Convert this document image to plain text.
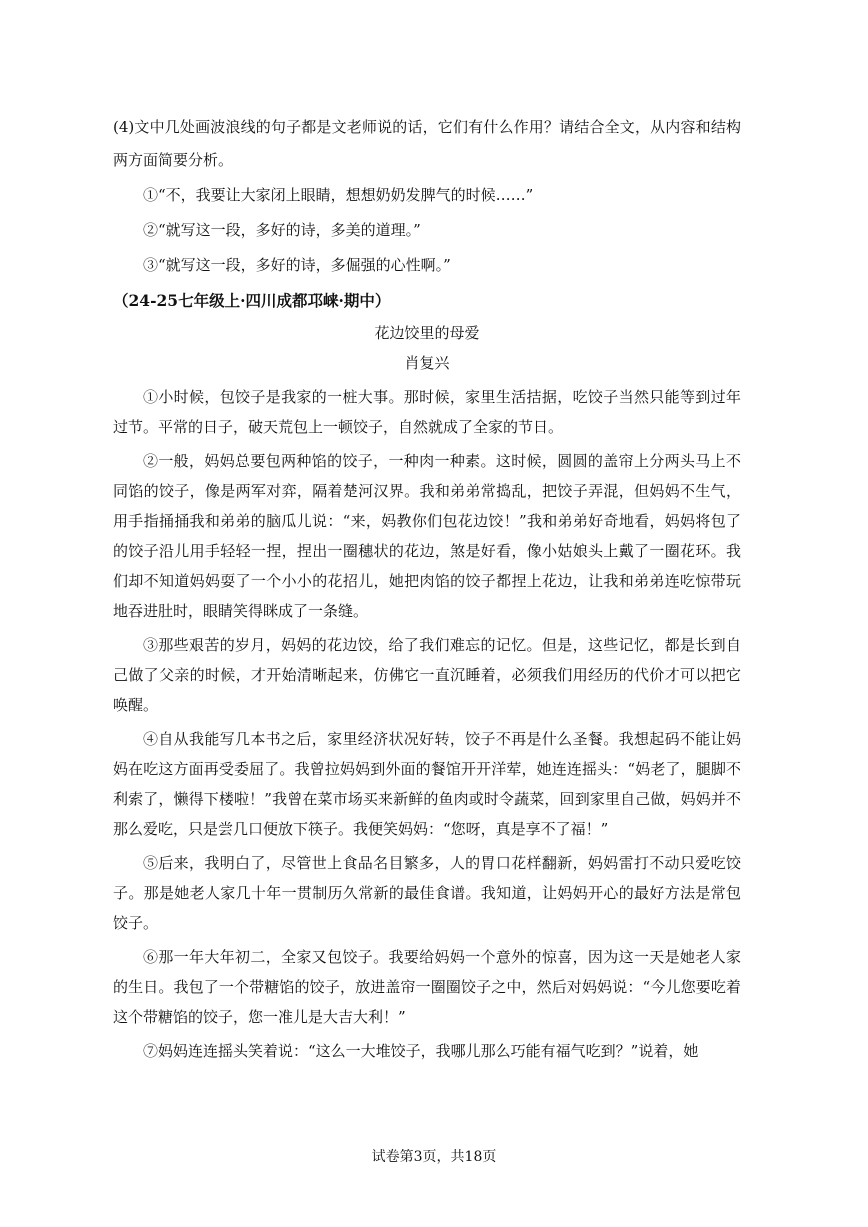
(4)文中几处画波浪线的句子都是文老师说的话，它们有什么作用？请结合全文，从内容和结构两方面简要分析。

①“不，我要让大家闭上眼睛，想想奶奶发脾气的时候……”

②“就写这一段，多好的诗，多美的道理。”

③“就写这一段，多好的诗，多倔强的心性啊。”

（24-25七年级上·四川成都邛崃·期中）

花边饺里的母爱

肖复兴

①小时候，包饺子是我家的一桩大事。那时候，家里生活拮据，吃饺子当然只能等到过年过节。平常的日子，破天荒包上一顿饺子，自然就成了全家的节日。

②一般，妈妈总要包两种馅的饺子，一种肉一种素。这时候，圆圆的盖帘上分两头马上不同馅的饺子，像是两军对弈，隔着楚河汉界。我和弟弟常捣乱，把饺子弄混，但妈妈不生气，用手指捅捅我和弟弟的脑瓜儿说：“来，妈教你们包花边饺！”我和弟弟好奇地看，妈妈将包了的饺子沿儿用手轻轻一捏，捏出一圈穗状的花边，煞是好看，像小姑娘头上戴了一圈花环。我们却不知道妈妈耍了一个小小的花招儿，她把肉馅的饺子都捏上花边，让我和弟弟连吃惊带玩地吞进肚时，眼睛笑得眯成了一条缝。

③那些艰苦的岁月，妈妈的花边饺，给了我们难忘的记忆。但是，这些记忆，都是长到自己做了父亲的时候，才开始清晰起来，仿佛它一直沉睡着，必须我们用经历的代价才可以把它唤醒。

④自从我能写几本书之后，家里经济状况好转，饺子不再是什么圣餐。我想起码不能让妈妈在吃这方面再受委屈了。我曾拉妈妈到外面的餐馆开开洋荤，她连连摇头：“妈老了，腿脚不利索了，懒得下楼啦！”我曾在菜市场买来新鲜的鱼肉或时令蔬菜，回到家里自己做，妈妈并不那么爱吃，只是尝几口便放下筷子。我便笑妈妈：“您呀，真是享不了福！”

⑤后来，我明白了，尽管世上食品名目繁多，人的胃口花样翻新，妈妈雷打不动只爱吃饺子。那是她老人家几十年一贯制历久常新的最佳食谱。我知道，让妈妈开心的最好方法是常包饺子。

⑥那一年大年初二，全家又包饺子。我要给妈妈一个意外的惊喜，因为这一天是她老人家的生日。我包了一个带糖馅的饺子，放进盖帘一圈圈饺子之中，然后对妈妈说：“今儿您要吃着这个带糖馅的饺子，您一准儿是大吉大利！”

⑦妈妈连连摇头笑着说：“这么一大堆饺子，我哪儿那么巧能有福气吃到？”说着，她

试卷第3页，共18页
